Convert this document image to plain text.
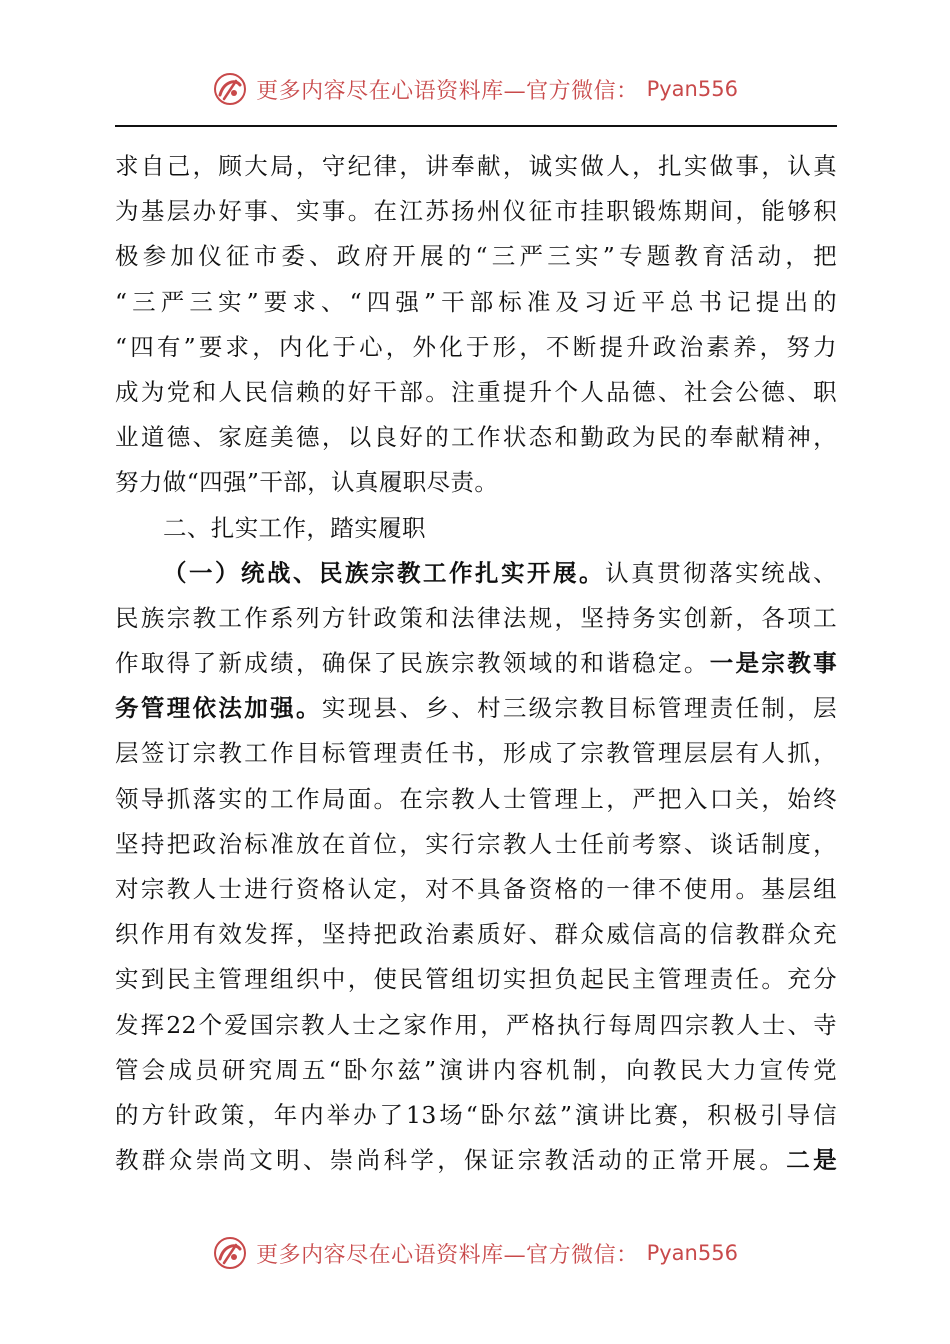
更多内容尽在心语资料库—官方微信： Pyan556
求自己，顾大局，守纪律，讲奉献，诚实做人，扎实做事，认真
为基层办好事、实事。在江苏扬州仪征市挂职锻炼期间，能够积
极参加仪征市委、政府开展的“三严三实”专题教育活动，把
“三严三实”要求、“四强”干部标准及习近平总书记提出的
“四有”要求，内化于心，外化于形，不断提升政治素养，努力
成为党和人民信赖的好干部。注重提升个人品德、社会公德、职
业道德、家庭美德，以良好的工作状态和勤政为民的奉献精神，
努力做“四强”干部，认真履职尽责。
二、扎实工作，踏实履职
（一）统战、民族宗教工作扎实开展。认真贯彻落实统战、
民族宗教工作系列方针政策和法律法规，坚持务实创新，各项工
作取得了新成绩，确保了民族宗教领域的和谐稳定。一是宗教事
务管理依法加强。实现县、乡、村三级宗教目标管理责任制，层
层签订宗教工作目标管理责任书，形成了宗教管理层层有人抓，
领导抓落实的工作局面。在宗教人士管理上，严把入口关，始终
坚持把政治标准放在首位，实行宗教人士任前考察、谈话制度，
对宗教人士进行资格认定，对不具备资格的一律不使用。基层组
织作用有效发挥，坚持把政治素质好、群众威信高的信教群众充
实到民主管理组织中，使民管组切实担负起民主管理责任。充分
发挥22个爱国宗教人士之家作用，严格执行每周四宗教人士、寺
管会成员研究周五“卧尔兹”演讲内容机制，向教民大力宣传党
的方针政策，年内举办了13场“卧尔兹”演讲比赛，积极引导信
教群众崇尚文明、崇尚科学，保证宗教活动的正常开展。二是
更多内容尽在心语资料库—官方微信： Pyan556
